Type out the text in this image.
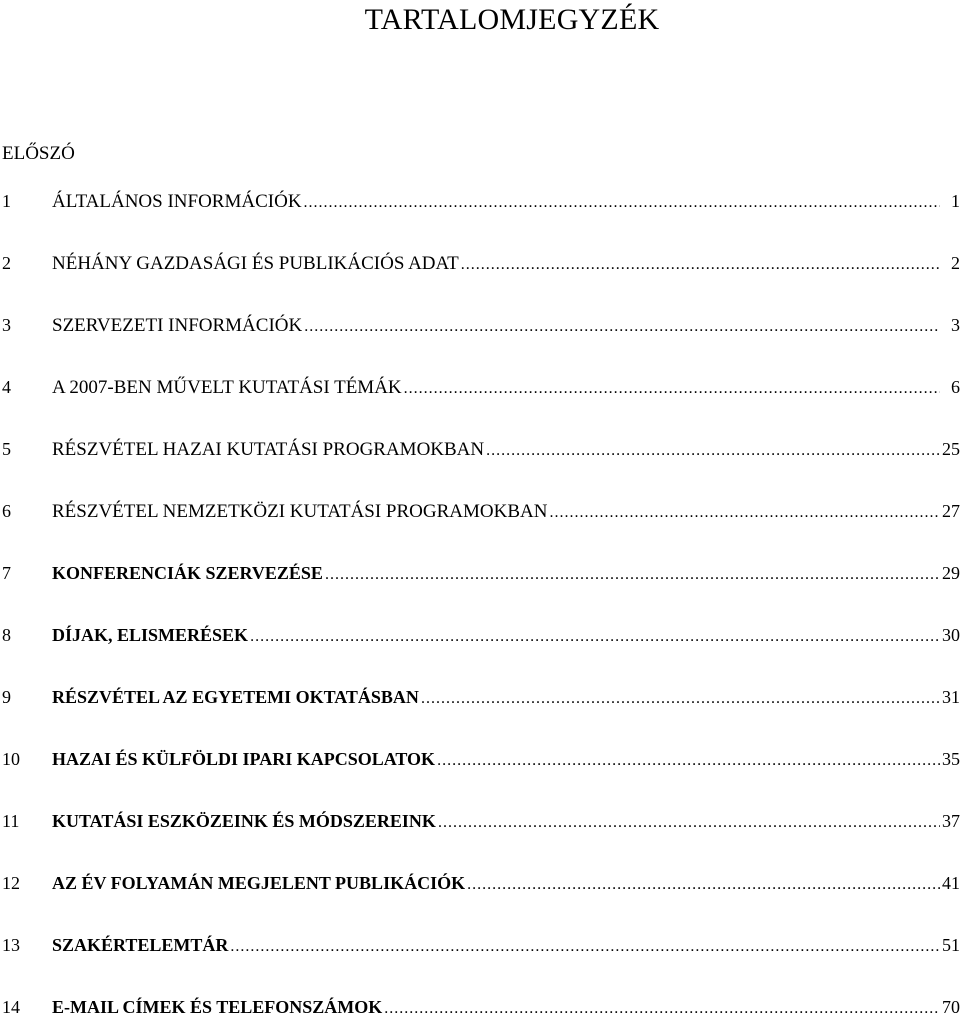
TARTALOMJEGYZÉK
ELŐSZÓ
1	ÁLTALÁNOS INFORMÁCIÓK .....	1
2	NÉHÁNY GAZDASÁGI ÉS PUBLIKÁCIÓS ADAT .....	2
3	SZERVEZETI INFORMÁCIÓK .....	3
4	A 2007-BEN MŰVELT KUTATÁSI TÉMÁK .....	6
5	RÉSZVÉTEL HAZAI KUTATÁSI PROGRAMOKBAN .....	25
6	RÉSZVÉTEL NEMZETKÖZI KUTATÁSI PROGRAMOKBAN .....	27
7	KONFERENCIÁK SZERVEZÉSE .....	29
8	DÍJAK, ELISMERÉSEK .....	30
9	RÉSZVÉTEL AZ EGYETEMI OKTATÁSBAN .....	31
10	HAZAI ÉS KÜLFÖLDI IPARI KAPCSOLATOK .....	35
11	KUTATÁSI ESZKÖZEINK ÉS MÓDSZEREINK .....	37
12	AZ ÉV FOLYAMÁN MEGJELENT PUBLIKÁCIÓK .....	41
13	SZAKÉRTELEMTÁR .....	51
14	E-MAIL CÍMEK ÉS TELEFONSZÁMOK .....	70
